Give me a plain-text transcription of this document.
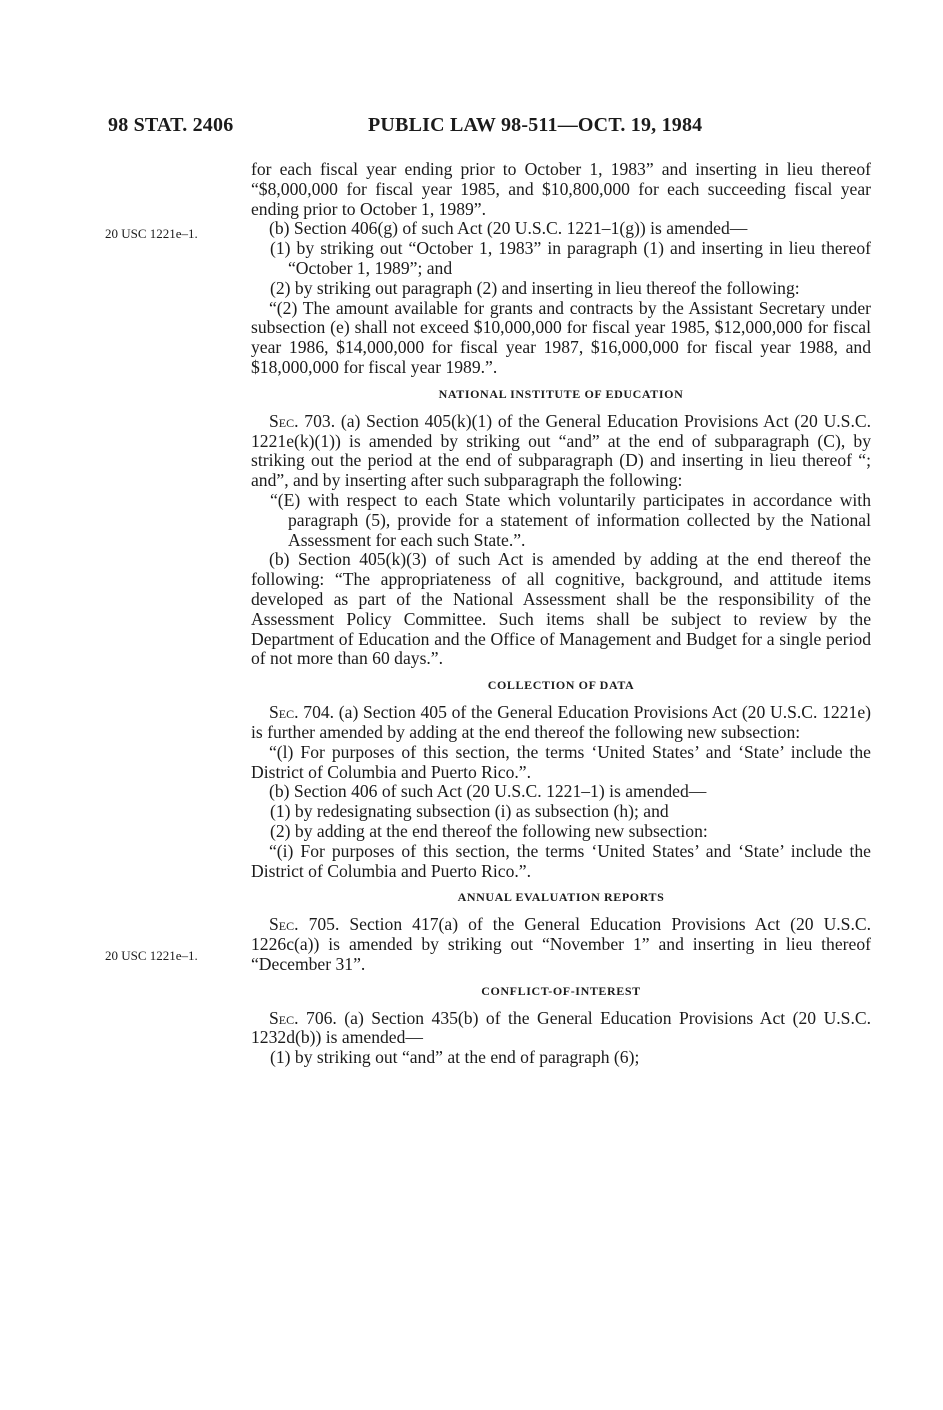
98 STAT. 2406	PUBLIC LAW 98-511—OCT. 19, 1984
20 USC 1221e–1.
20 USC 1221e–1.

for each fiscal year ending prior to October 1, 1983” and inserting in lieu thereof “$8,000,000 for fiscal year 1985, and $10,800,000 for each succeeding fiscal year ending prior to October 1, 1989”.

(b) Section 406(g) of such Act (20 U.S.C. 1221–1(g)) is amended—

(1) by striking out “October 1, 1983” in paragraph (1) and inserting in lieu thereof “October 1, 1989”; and

(2) by striking out paragraph (2) and inserting in lieu thereof the following:

“(2) The amount available for grants and contracts by the Assistant Secretary under subsection (e) shall not exceed $10,000,000 for fiscal year 1985, $12,000,000 for fiscal year 1986, $14,000,000 for fiscal year 1987, $16,000,000 for fiscal year 1988, and $18,000,000 for fiscal year 1989.”.

NATIONAL INSTITUTE OF EDUCATION

Sec. 703. (a) Section 405(k)(1) of the General Education Provisions Act (20 U.S.C. 1221e(k)(1)) is amended by striking out “and” at the end of subparagraph (C), by striking out the period at the end of subparagraph (D) and inserting in lieu thereof “; and”, and by inserting after such subparagraph the following:

“(E) with respect to each State which voluntarily participates in accordance with paragraph (5), provide for a statement of information collected by the National Assessment for each such State.”.

(b) Section 405(k)(3) of such Act is amended by adding at the end thereof the following: “The appropriateness of all cognitive, background, and attitude items developed as part of the National Assessment shall be the responsibility of the Assessment Policy Committee. Such items shall be subject to review by the Department of Education and the Office of Management and Budget for a single period of not more than 60 days.”.

COLLECTION OF DATA

Sec. 704. (a) Section 405 of the General Education Provisions Act (20 U.S.C. 1221e) is further amended by adding at the end thereof the following new subsection:

“(l) For purposes of this section, the terms ‘United States’ and ‘State’ include the District of Columbia and Puerto Rico.”.

(b) Section 406 of such Act (20 U.S.C. 1221–1) is amended—

(1) by redesignating subsection (i) as subsection (h); and

(2) by adding at the end thereof the following new subsection:

“(i) For purposes of this section, the terms ‘United States’ and ‘State’ include the District of Columbia and Puerto Rico.”.

ANNUAL EVALUATION REPORTS

Sec. 705. Section 417(a) of the General Education Provisions Act (20 U.S.C. 1226c(a)) is amended by striking out “November 1” and inserting in lieu thereof “December 31”.

CONFLICT-OF-INTEREST

Sec. 706. (a) Section 435(b) of the General Education Provisions Act (20 U.S.C. 1232d(b)) is amended—

(1) by striking out “and” at the end of paragraph (6);
